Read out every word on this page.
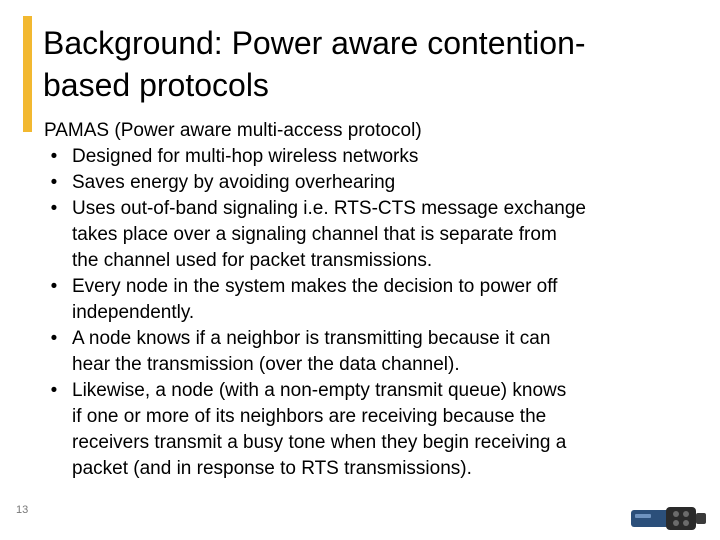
Background: Power aware contention-
based protocols

PAMAS (Power aware multi-access protocol)

• Designed for multi-hop wireless networks
• Saves energy by avoiding overhearing
• Uses out-of-band signaling i.e. RTS-CTS message exchange
takes place over a signaling channel that is separate from
the channel used for packet transmissions.
• Every node in the system makes the decision to power off
independently.
• A node knows if a neighbor is transmitting because it can
hear the transmission (over the data channel).
• Likewise, a node (with a non-empty transmit queue) knows
if one or more of its neighbors are receiving because the
receivers transmit a busy tone when they begin receiving a
packet (and in response to RTS transmissions).
13
